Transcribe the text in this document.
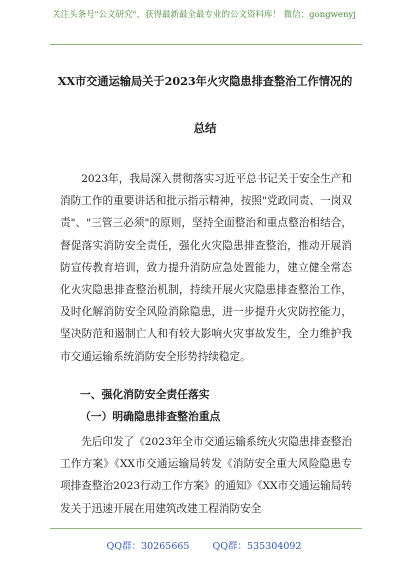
关注头条号"公文研究"，获得最新最全最专业的公文资料库！ 微信：gongwenyj
XX市交通运输局关于2023年火灾隐患排查整治工作情况的
总结

2023年，我局深入贯彻落实习近平总书记关于安全生产和消防工作的重要讲话和批示指示精神，按照"党政同责、一岗双责"、"三管三必须"的原则，坚持全面整治和重点整治相结合，督促落实消防安全责任，强化火灾隐患排查整治，推动开展消防宣传教育培训，致力提升消防应急处置能力，建立健全常态化火灾隐患排查整治机制，持续开展火灾隐患排查整治工作，及时化解消防安全风险消除隐患，进一步提升火灾防控能力，坚决防范和遏制亡人和有较大影响火灾事故发生，全力维护我市交通运输系统消防安全形势持续稳定。

一、强化消防安全责任落实
（一）明确隐患排查整治重点

先后印发了《2023年全市交通运输系统火灾隐患排查整治工作方案》《XX市交通运输局转发《消防安全重大风险隐患专项排查整治2023行动工作方案》的通知》《XX市交通运输局转发关于迅速开展在用建筑改建工程消防安全

QQ群：30265665 QQ群：535304092
